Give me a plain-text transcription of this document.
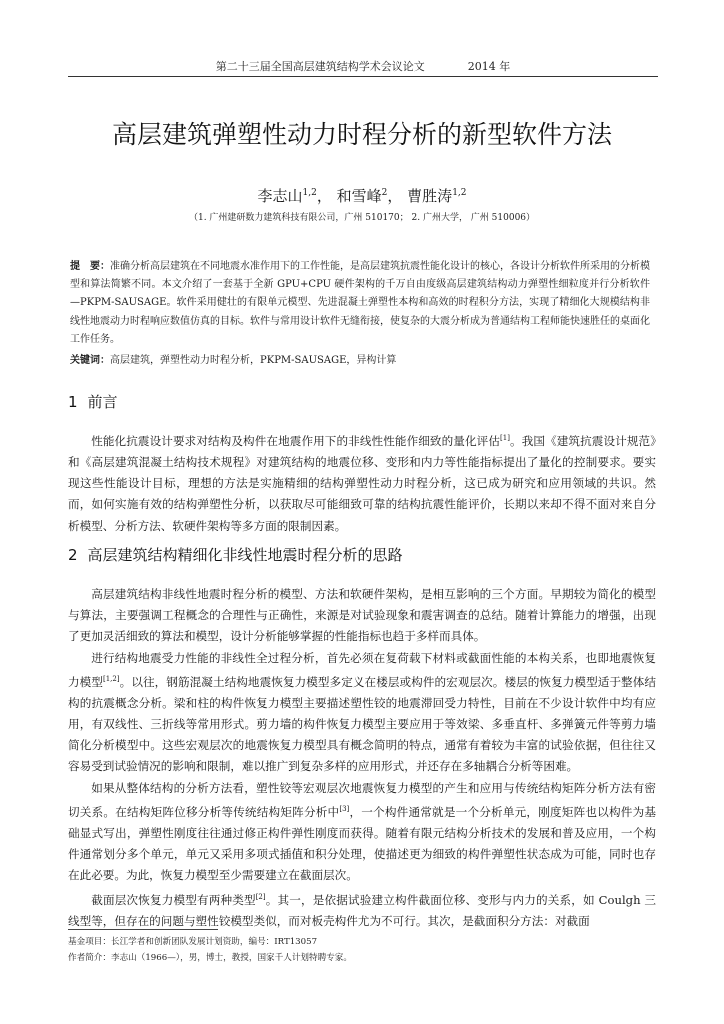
第二十三届全国高层建筑结构学术会议论文	2014 年
高层建筑弹塑性动力时程分析的新型软件方法
李志山$^{1,2}$， 和雪峰$^2$， 曹胜涛$^{1,2}$
（1. 广州建研数力建筑科技有限公司，广州 510170； 2. 广州大学， 广州 510006）
提　要：准确分析高层建筑在不同地震水准作用下的工作性能，是高层建筑抗震性能化设计的核心，各设计分析软件所采用的分析模型和算法简繁不同。本文介绍了一套基于全新 GPU+CPU 硬件架构的千万自由度级高层建筑结构动力弹塑性细粒度并行分析软件—PKPM-SAUSAGE。软件采用健壮的有限单元模型、先进混凝土弹塑性本构和高效的时程积分方法，实现了精细化大规模结构非线性地震动力时程响应数值仿真的目标。软件与常用设计软件无缝衔接，使复杂的大震分析成为普通结构工程师能快速胜任的桌面化工作任务。
关键词：高层建筑，弹塑性动力时程分析，PKPM-SAUSAGE，异构计算
1 前言

性能化抗震设计要求对结构及构件在地震作用下的非线性性能作细致的量化评估[1]。我国《建筑抗震设计规范》和《高层建筑混凝土结构技术规程》对建筑结构的地震位移、变形和内力等性能指标提出了量化的控制要求。要实现这些性能设计目标，理想的方法是实施精细的结构弹塑性动力时程分析，这已成为研究和应用领域的共识。然而，如何实施有效的结构弹塑性分析，以获取尽可能细致可靠的结构抗震性能评价，长期以来却不得不面对来自分析模型、分析方法、软硬件架构等多方面的限制因素。

2 高层建筑结构精细化非线性地震时程分析的思路

高层建筑结构非线性地震时程分析的模型、方法和软硬件架构，是相互影响的三个方面。早期较为简化的模型与算法，主要强调工程概念的合理性与正确性，来源是对试验现象和震害调查的总结。随着计算能力的增强，出现了更加灵活细致的算法和模型，设计分析能够掌握的性能指标也趋于多样而具体。

进行结构地震受力性能的非线性全过程分析，首先必须在复荷载下材料或截面性能的本构关系，也即地震恢复力模型[1,2]。以往，钢筋混凝土结构地震恢复力模型多定义在楼层或构件的宏观层次。楼层的恢复力模型适于整体结构的抗震概念分析。梁和柱的构件恢复力模型主要描述塑性铰的地震滞回受力特性，目前在不少设计软件中均有应用，有双线性、三折线等常用形式。剪力墙的构件恢复力模型主要应用于等效梁、多垂直杆、多弹簧元件等剪力墙简化分析模型中。这些宏观层次的地震恢复力模型具有概念简明的特点，通常有着较为丰富的试验依据，但往往又容易受到试验情况的影响和限制，难以推广到复杂多样的应用形式，并还存在多轴耦合分析等困难。

如果从整体结构的分析方法看，塑性铰等宏观层次地震恢复力模型的产生和应用与传统结构矩阵分析方法有密切关系。在结构矩阵位移分析等传统结构矩阵分析中[3]，一个构件通常就是一个分析单元，刚度矩阵也以构件为基础显式写出，弹塑性刚度往往通过修正构件弹性刚度而获得。随着有限元结构分析技术的发展和普及应用，一个构件通常划分多个单元，单元又采用多项式插值和积分处理，使描述更为细致的构件弹塑性状态成为可能，同时也存在此必要。为此，恢复力模型至少需要建立在截面层次。

截面层次恢复力模型有两种类型[2]。其一，是依据试验建立构件截面位移、变形与内力的关系，如 Coulgh 三线型等，但存在的问题与塑性铰模型类似，而对板壳构件尤为不可行。其次，是截面积分方法：对截面

基金项目：长江学者和创新团队发展计划资助，编号：IRT13057
作者简介：李志山（1966—），男，博士，教授，国家千人计划特聘专家。
